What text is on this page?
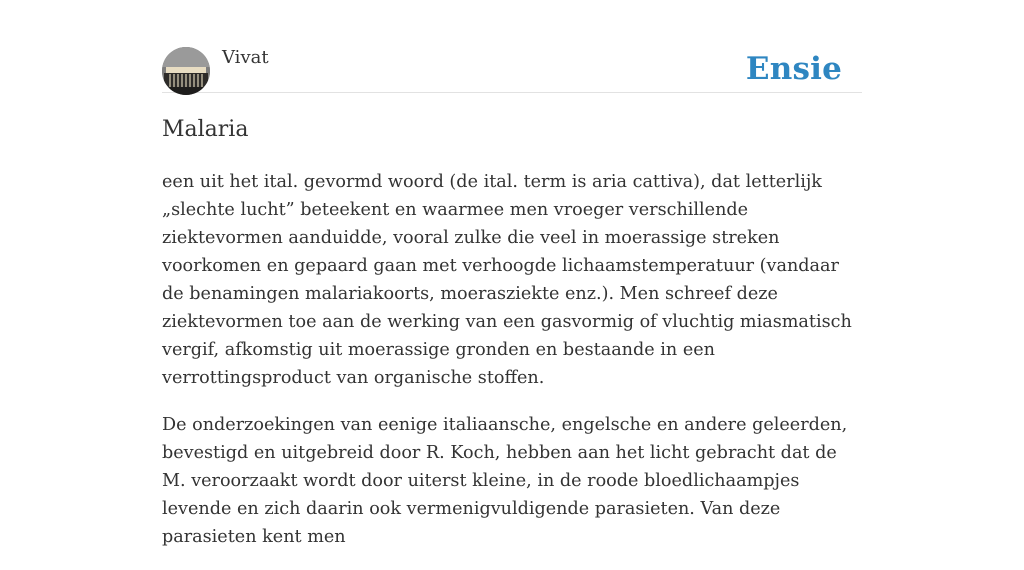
Vivat	Ensie
Malaria

een uit het ital. gevormd woord (de ital. term is aria cattiva), dat letterlijk „slechte lucht” beteekent en waarmee men vroeger verschillende ziektevormen aanduidde, vooral zulke die veel in moerassige streken voorkomen en gepaard gaan met verhoogde lichaamstemperatuur (vandaar de benamingen malariakoorts, moerasziekte enz.). Men schreef deze ziektevormen toe aan de werking van een gasvormig of vluchtig miasmatisch vergif, afkomstig uit moerassige gronden en bestaande in een verrottingsproduct van organische stoffen.

De onderzoekingen van eenige italiaansche, engelsche en andere geleerden, bevestigd en uitgebreid door R. Koch, hebben aan het licht gebracht dat de M. veroorzaakt wordt door uiterst kleine, in de roode bloedlichaampjes levende en zich daarin ook vermenigvuldigende parasieten. Van deze parasieten kent men
